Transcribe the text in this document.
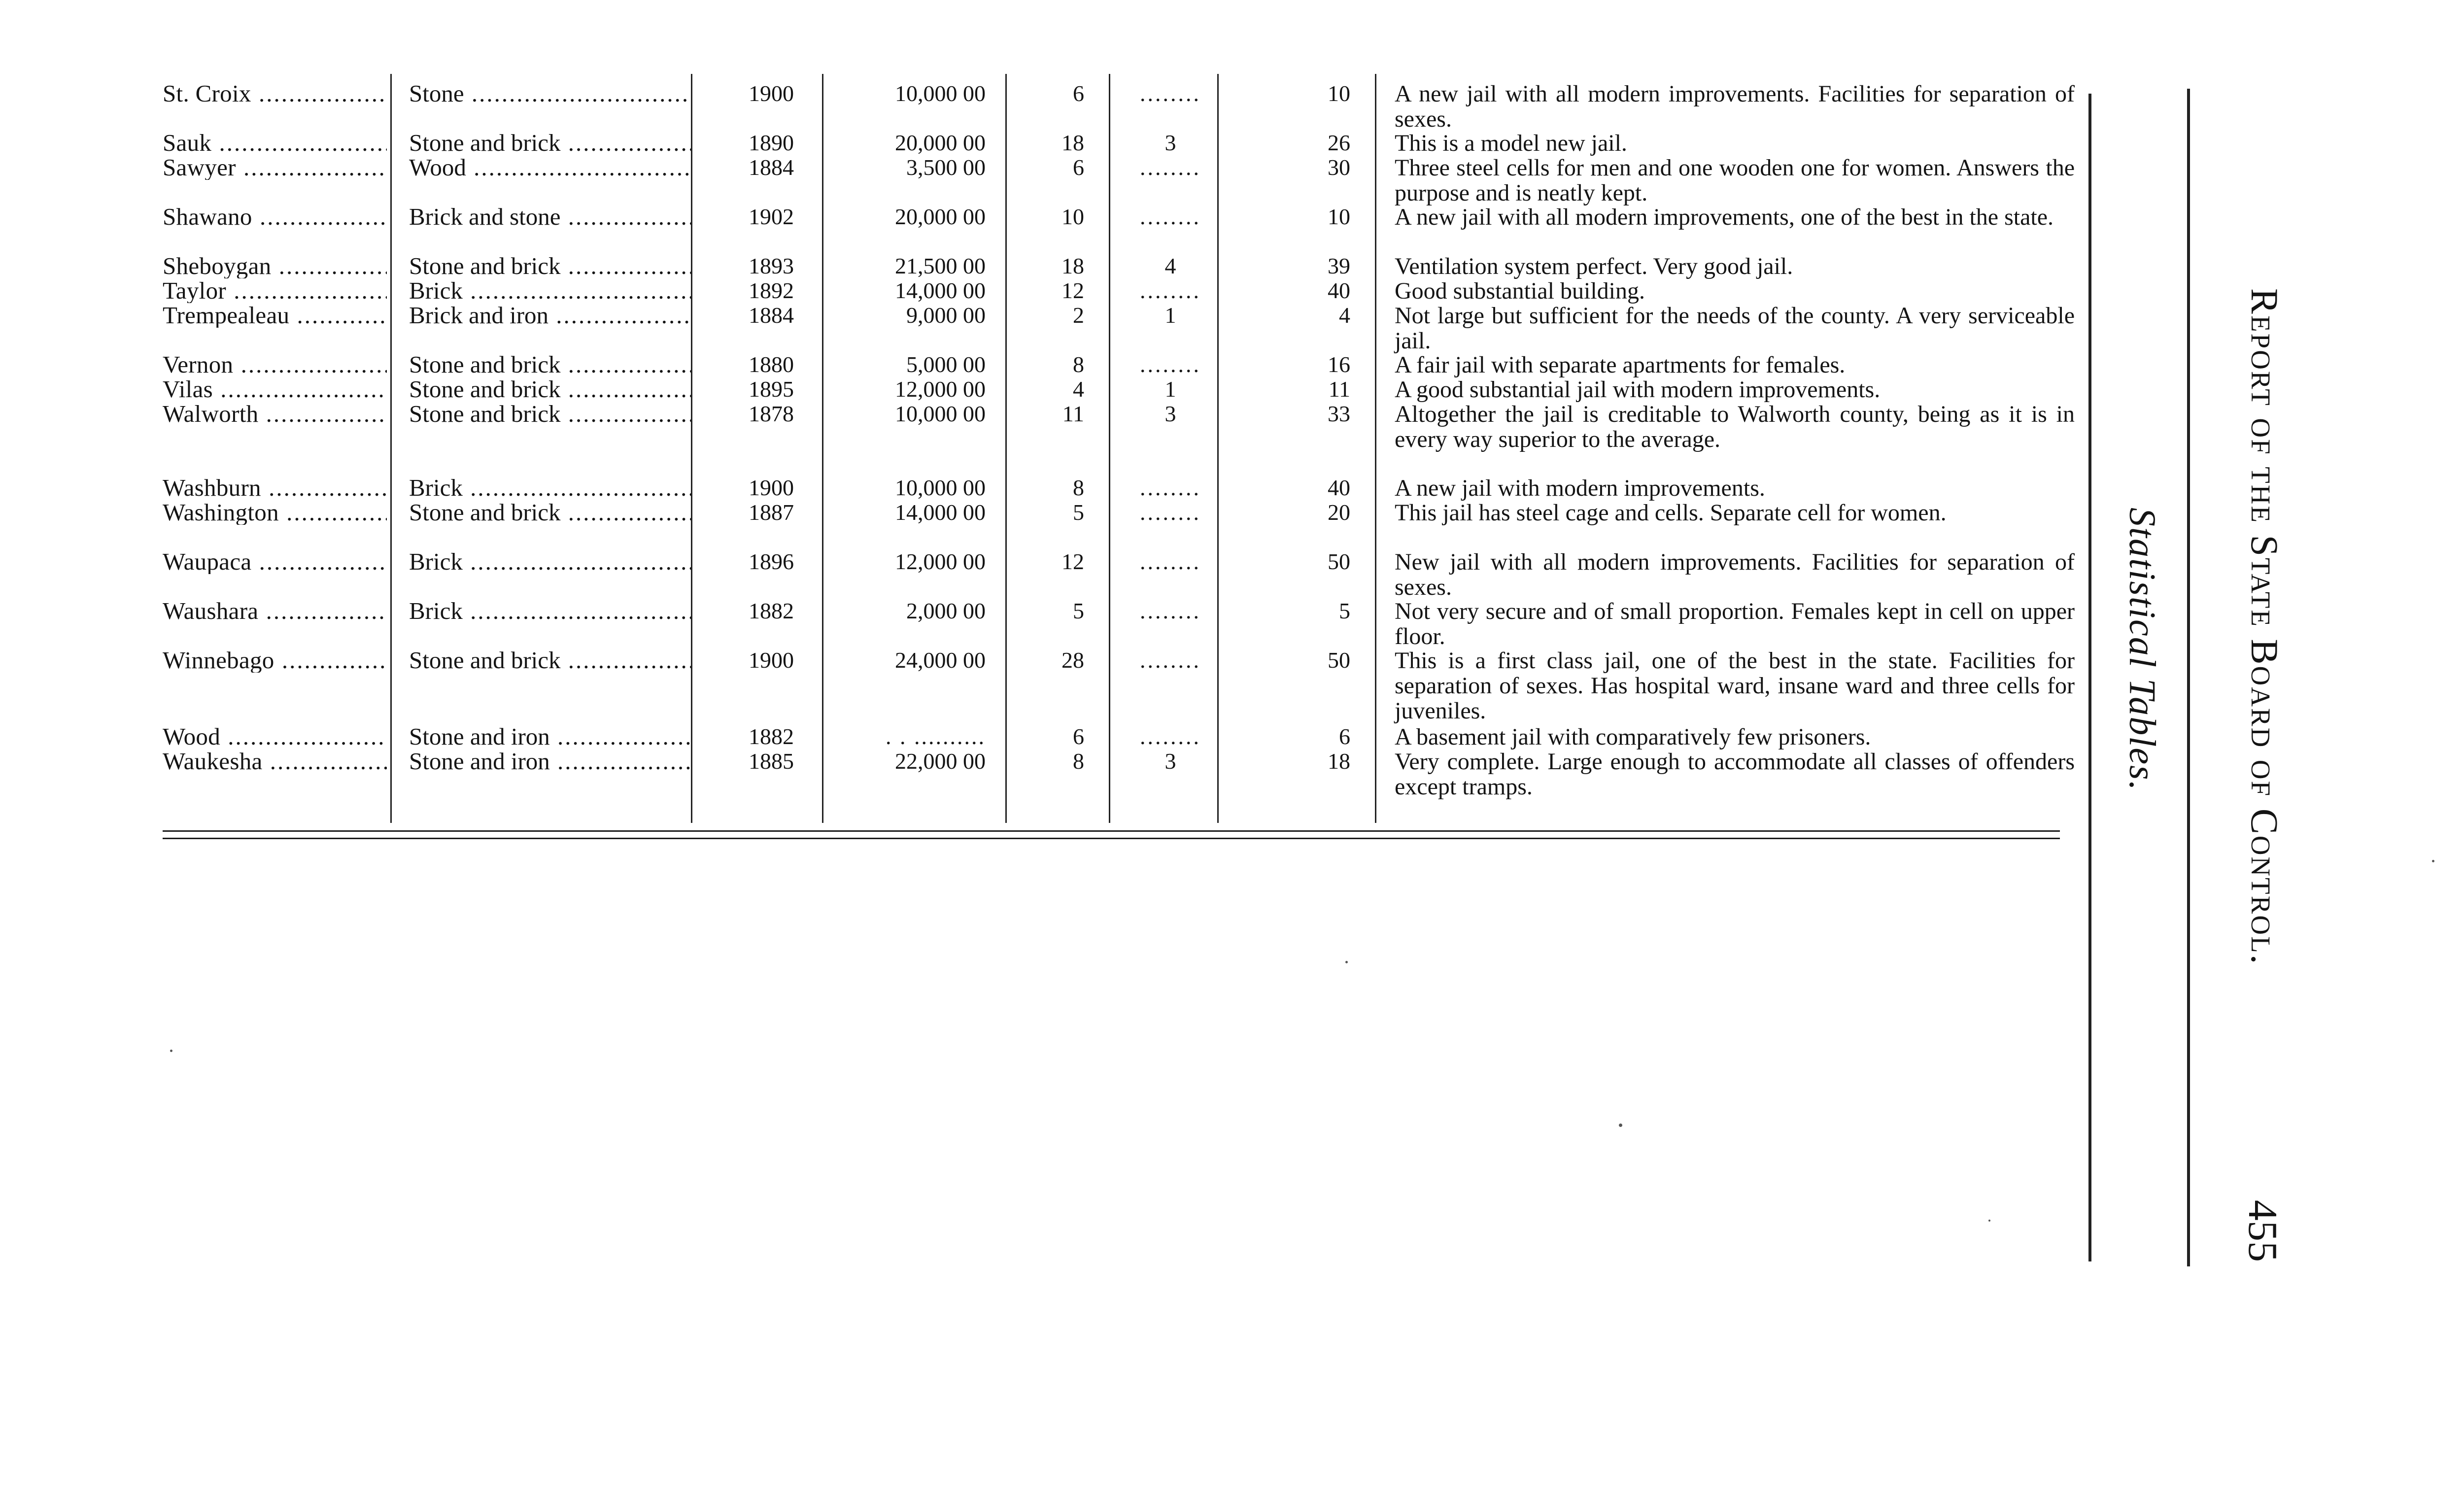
St. Croix .....	Stone .....	1900	10,000 00	6	........	10 A new jail with all modern improvements. Facilities for separation of sexes.
Sauk .....	Stone and brick .....	1890	20,000 00	18	3	26 This is a model new jail.
Sawyer .....	Wood .....	1884	3,500 00	6	........	30 Three steel cells for men and one wooden one for women. Answers the purpose and is neatly kept.
Shawano .....	Brick and stone .....	1902	20,000 00	10	........	10 A new jail with all modern improvements, one of the best in the state.
Sheboygan .....	Stone and brick .....	1893	21,500 00	18	4	39 Ventilation system perfect. Very good jail.
Taylor .....	Brick .....	1892	14,000 00	12	........	40 Good substantial building.
Trempealeau .....	Brick and iron .....	1884	9,000 00	2	1	4 Not large but sufficient for the needs of the county. A very serviceable jail.
Vernon .....	Stone and brick .....	1880	5,000 00	8	........	16 A fair jail with separate apartments for females.
Vilas .....	Stone and brick .....	1895	12,000 00	4	1	11 A good substantial jail with modern improvements.
Walworth .....	Stone and brick .....	1878	10,000 00	11	3	33 Altogether the jail is creditable to Walworth county, being as it is in every way superior to the average.
Washburn .....	Brick .....	1900	10,000 00	8	........	40 A new jail with modern improvements.
Washington .....	Stone and brick .....	1887	14,000 00	5	........	20 This jail has steel cage and cells. Separate cell for women.
Waupaca .....	Brick .....	1896	12,000 00	12	........	50 New jail with all modern improvements. Facilities for separation of sexes.
Waushara .....	Brick .....	1882	2,000 00	5	........	5 Not very secure and of small proportion. Females kept in cell on upper floor.
Winnebago .....	Stone and brick .....	1900	24,000 00	28	........	50 This is a first class jail, one of the best in the state. Facilities for separation of sexes. Has hospital ward, insane ward and three cells for juveniles.
Wood .....	Stone and iron .....	1882	. . ..........	6	........	6 A basement jail with comparatively few prisoners.
Waukesha .....	Stone and iron .....	1885	22,000 00	8	3	18 Very complete. Large enough to accommodate all classes of offenders except tramps.	Statistical Tables. Report of the State Board of Control.
455
